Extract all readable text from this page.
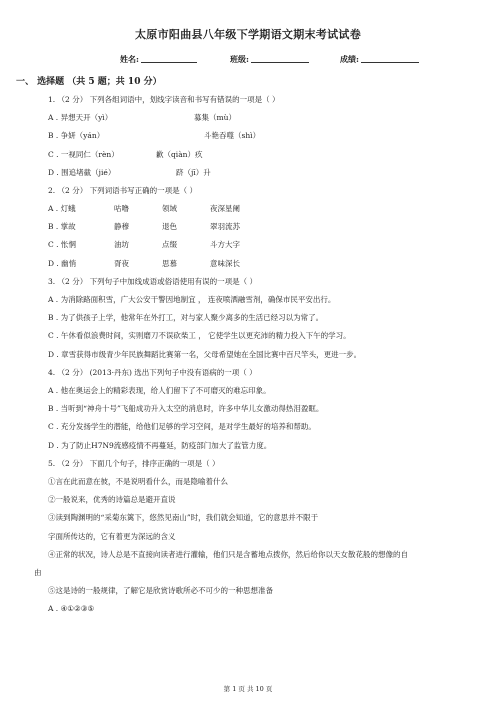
太原市阳曲县八年级下学期语文期末考试试卷
姓名:	班级:	成绩:
一、 选择题 （共 5 题；共 10 分）
1. （2 分） 下列各组词语中，划线字读音和书写有错误的一项是（ ）
A . 异想天开（yì）	募集（mù）
B . 争妍（yán）	斗艳吞噬（shì）
C . 一视同仁（rèn）	歉（qiàn）疚
D . 围追堵截（jié）	跻（jī）升
2. （2 分） 下列词语书写正确的一项是（ ）
A . 灯蛾	咕噜	领域	夜深星阑
B . 掌故	静穆	退色	翠羽流苏
C . 怅惘	油坊	点缀	斗方大字
D . 幽悄	胥夜	思慕	意味深长
3. （2 分） 下列句子中加线成语或俗语使用有误的一项是（ ）
A . 为消除路面积雪，广大公安干警因地制宜 ， 连夜喷洒融雪剂，确保市民平安出行。
B . 为了供孩子上学，他常年在外打工，对与家人聚少离多的生活已经习以为常了。
C . 午休看似浪费时间，实则磨刀不误砍柴工 ， 它使学生以更充沛的精力投入下午的学习。
D . 章雪获得市级青少年民族舞蹈比赛第一名，父母希望她在全国比赛中百尺竿头，更进一步。
4. （2 分） (2013·丹东) 选出下列句子中没有语病的一项（ ）
A . 他在奥运会上的精彩表现，给人们留下了不可磨灭的难忘印象。
B . 当听到“神舟十号”飞船成功升入太空的消息时，许多中华儿女激动得热泪盈眶。
C . 充分发扬学生的潜能，给他们足够的学习空间，是对学生最好的培养和帮助。
D . 为了防止H7N9流感疫情不再蔓延，防疫部门加大了监管力度。
5. （2 分） 下面几个句子，排序正确的一项是（ ）
①言在此而意在彼，不是说明看什么，而是隐喻着什么
②一般说来，优秀的诗篇总是避开直说
③读到陶渊明的“采菊东篱下，悠然见南山”时，我们就会知道，它的意思并不限于
字面所传达的，它有着更为深远的含义
④正常的状况，诗人总是不直接向读者进行灌输，他们只是含蓄地点拨你，然后给你以天女散花般的想像的自
由
⑤这是诗的一般规律，了解它是欣赏诗歌所必不可少的一种思想准备
A . ④①②③⑤
第 1 页 共 10 页
